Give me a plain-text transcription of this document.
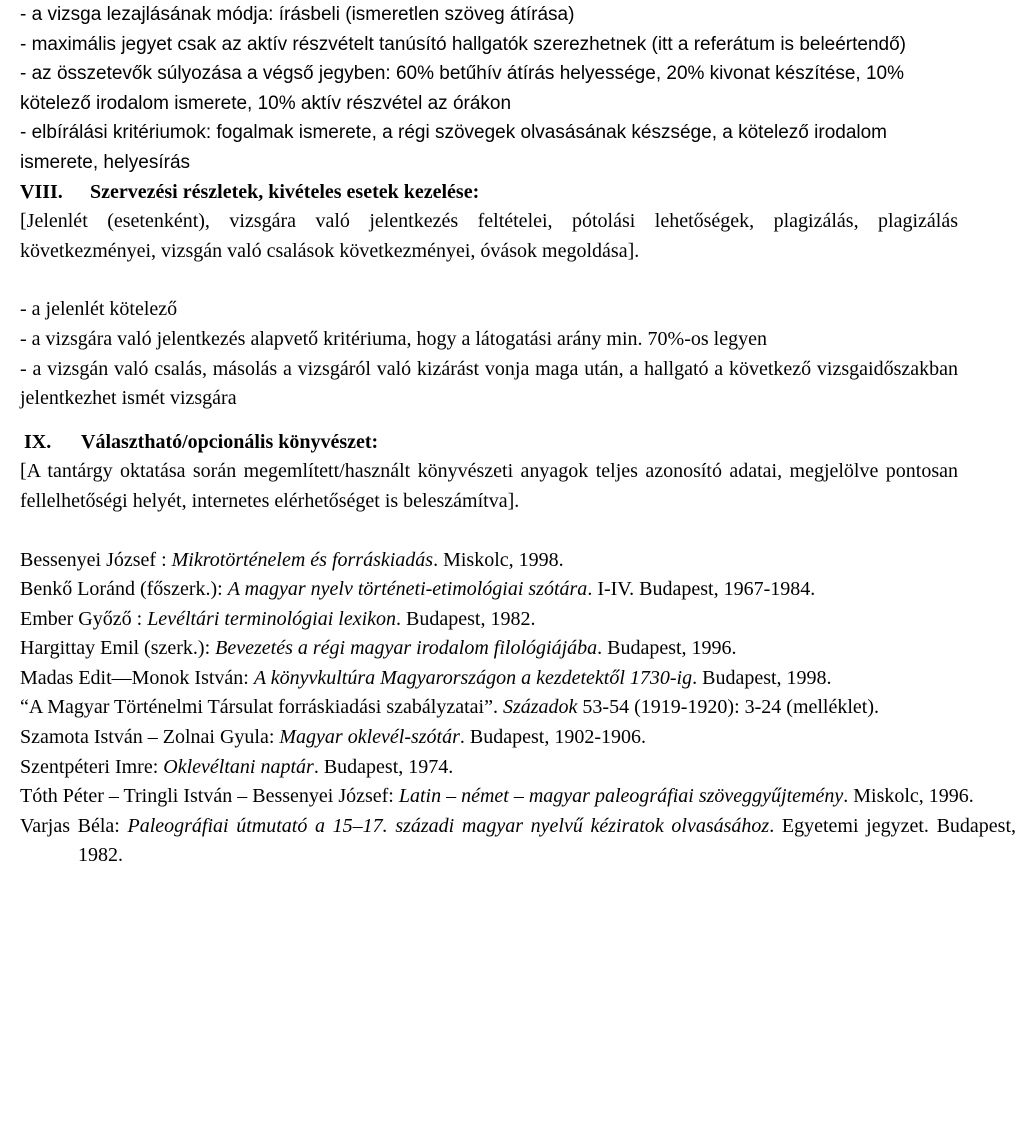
- a vizsga lezajlásának módja: írásbeli (ismeretlen szöveg átírása)

- maximális jegyet csak az aktív részvételt tanúsító hallgatók szerezhetnek (itt a referátum is beleértendő)

- az összetevők súlyozása a végső jegyben: 60% betűhív átírás helyessége, 20% kivonat készítése, 10% kötelező irodalom ismerete, 10% aktív részvétel az órákon

- elbírálási kritériumok: fogalmak ismerete, a régi szövegek olvasásának készsége, a kötelező irodalom ismerete, helyesírás

VIII. Szervezési részletek, kivételes esetek kezelése:

[Jelenlét (esetenként), vizsgára való jelentkezés feltételei, pótolási lehetőségek, plagizálás, plagizálás következményei, vizsgán való csalások következményei, óvások megoldása].

- a jelenlét kötelező

- a vizsgára való jelentkezés alapvető kritériuma, hogy a látogatási arány min. 70%-os legyen

- a vizsgán való csalás, másolás a vizsgáról való kizárást vonja maga után, a hallgató a következő vizsgaidőszakban jelentkezhet ismét vizsgára

IX. Választható/opcionális könyvészet:

[A tantárgy oktatása során megemlített/használt könyvészeti anyagok teljes azonosító adatai, megjelölve pontosan fellelhetőségi helyét, internetes elérhetőséget is beleszámítva].

Bessenyei József : Mikrotörténelem és forráskiadás. Miskolc, 1998.

Benkő Loránd (főszerk.): A magyar nyelv történeti-etimológiai szótára. I-IV. Budapest, 1967-1984.

Ember Győző : Levéltári terminológiai lexikon. Budapest, 1982.

Hargittay Emil (szerk.): Bevezetés a régi magyar irodalom filológiájába. Budapest, 1996.

Madas Edit—Monok István: A könyvkultúra Magyarországon a kezdetektől 1730-ig. Budapest, 1998.

“A Magyar Történelmi Társulat forráskiadási szabályzatai”. Századok 53-54 (1919-1920): 3-24 (melléklet).

Szamota István – Zolnai Gyula: Magyar oklevél-szótár. Budapest, 1902-1906.

Szentpéteri Imre: Oklevéltani naptár. Budapest, 1974.

Tóth Péter – Tringli István – Bessenyei József: Latin – német – magyar paleográfiai szöveggyűjtemény. Miskolc, 1996.

Varjas Béla: Paleográfiai útmutató a 15–17. századi magyar nyelvű kéziratok olvasásához. Egyetemi jegyzet. Budapest, 1982.
